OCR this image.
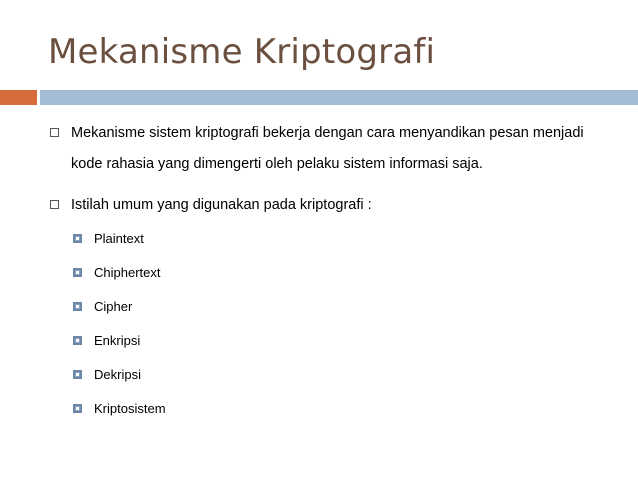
Mekanisme Kriptografi
Mekanisme sistem kriptografi bekerja dengan cara menyandikan pesan menjadi kode rahasia yang dimengerti oleh pelaku sistem informasi saja.
Istilah umum yang digunakan pada kriptografi :
Plaintext
Chiphertext
Cipher
Enkripsi
Dekripsi
Kriptosistem
